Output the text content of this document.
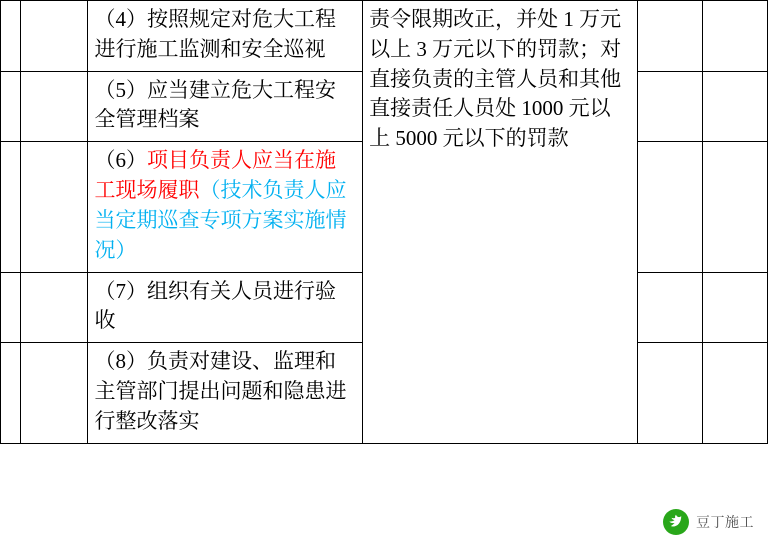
		（4）按照规定对危大工程进行施工监测和安全巡视	责令限期改正，并处 1 万元以上 3 万元以下的罚款；对直接负责的主管人员和其他直接责任人员处 1000 元以上 5000 元以下的罚款		

		（5）应当建立危大工程安全管理档案			

		（6）项目负责人应当在施工现场履职（技术负责人应当定期巡查专项方案实施情况）			

		（7）组织有关人员进行验收			

		（8）负责对建设、监理和主管部门提出问题和隐患进行整改落实			

豆丁施工
